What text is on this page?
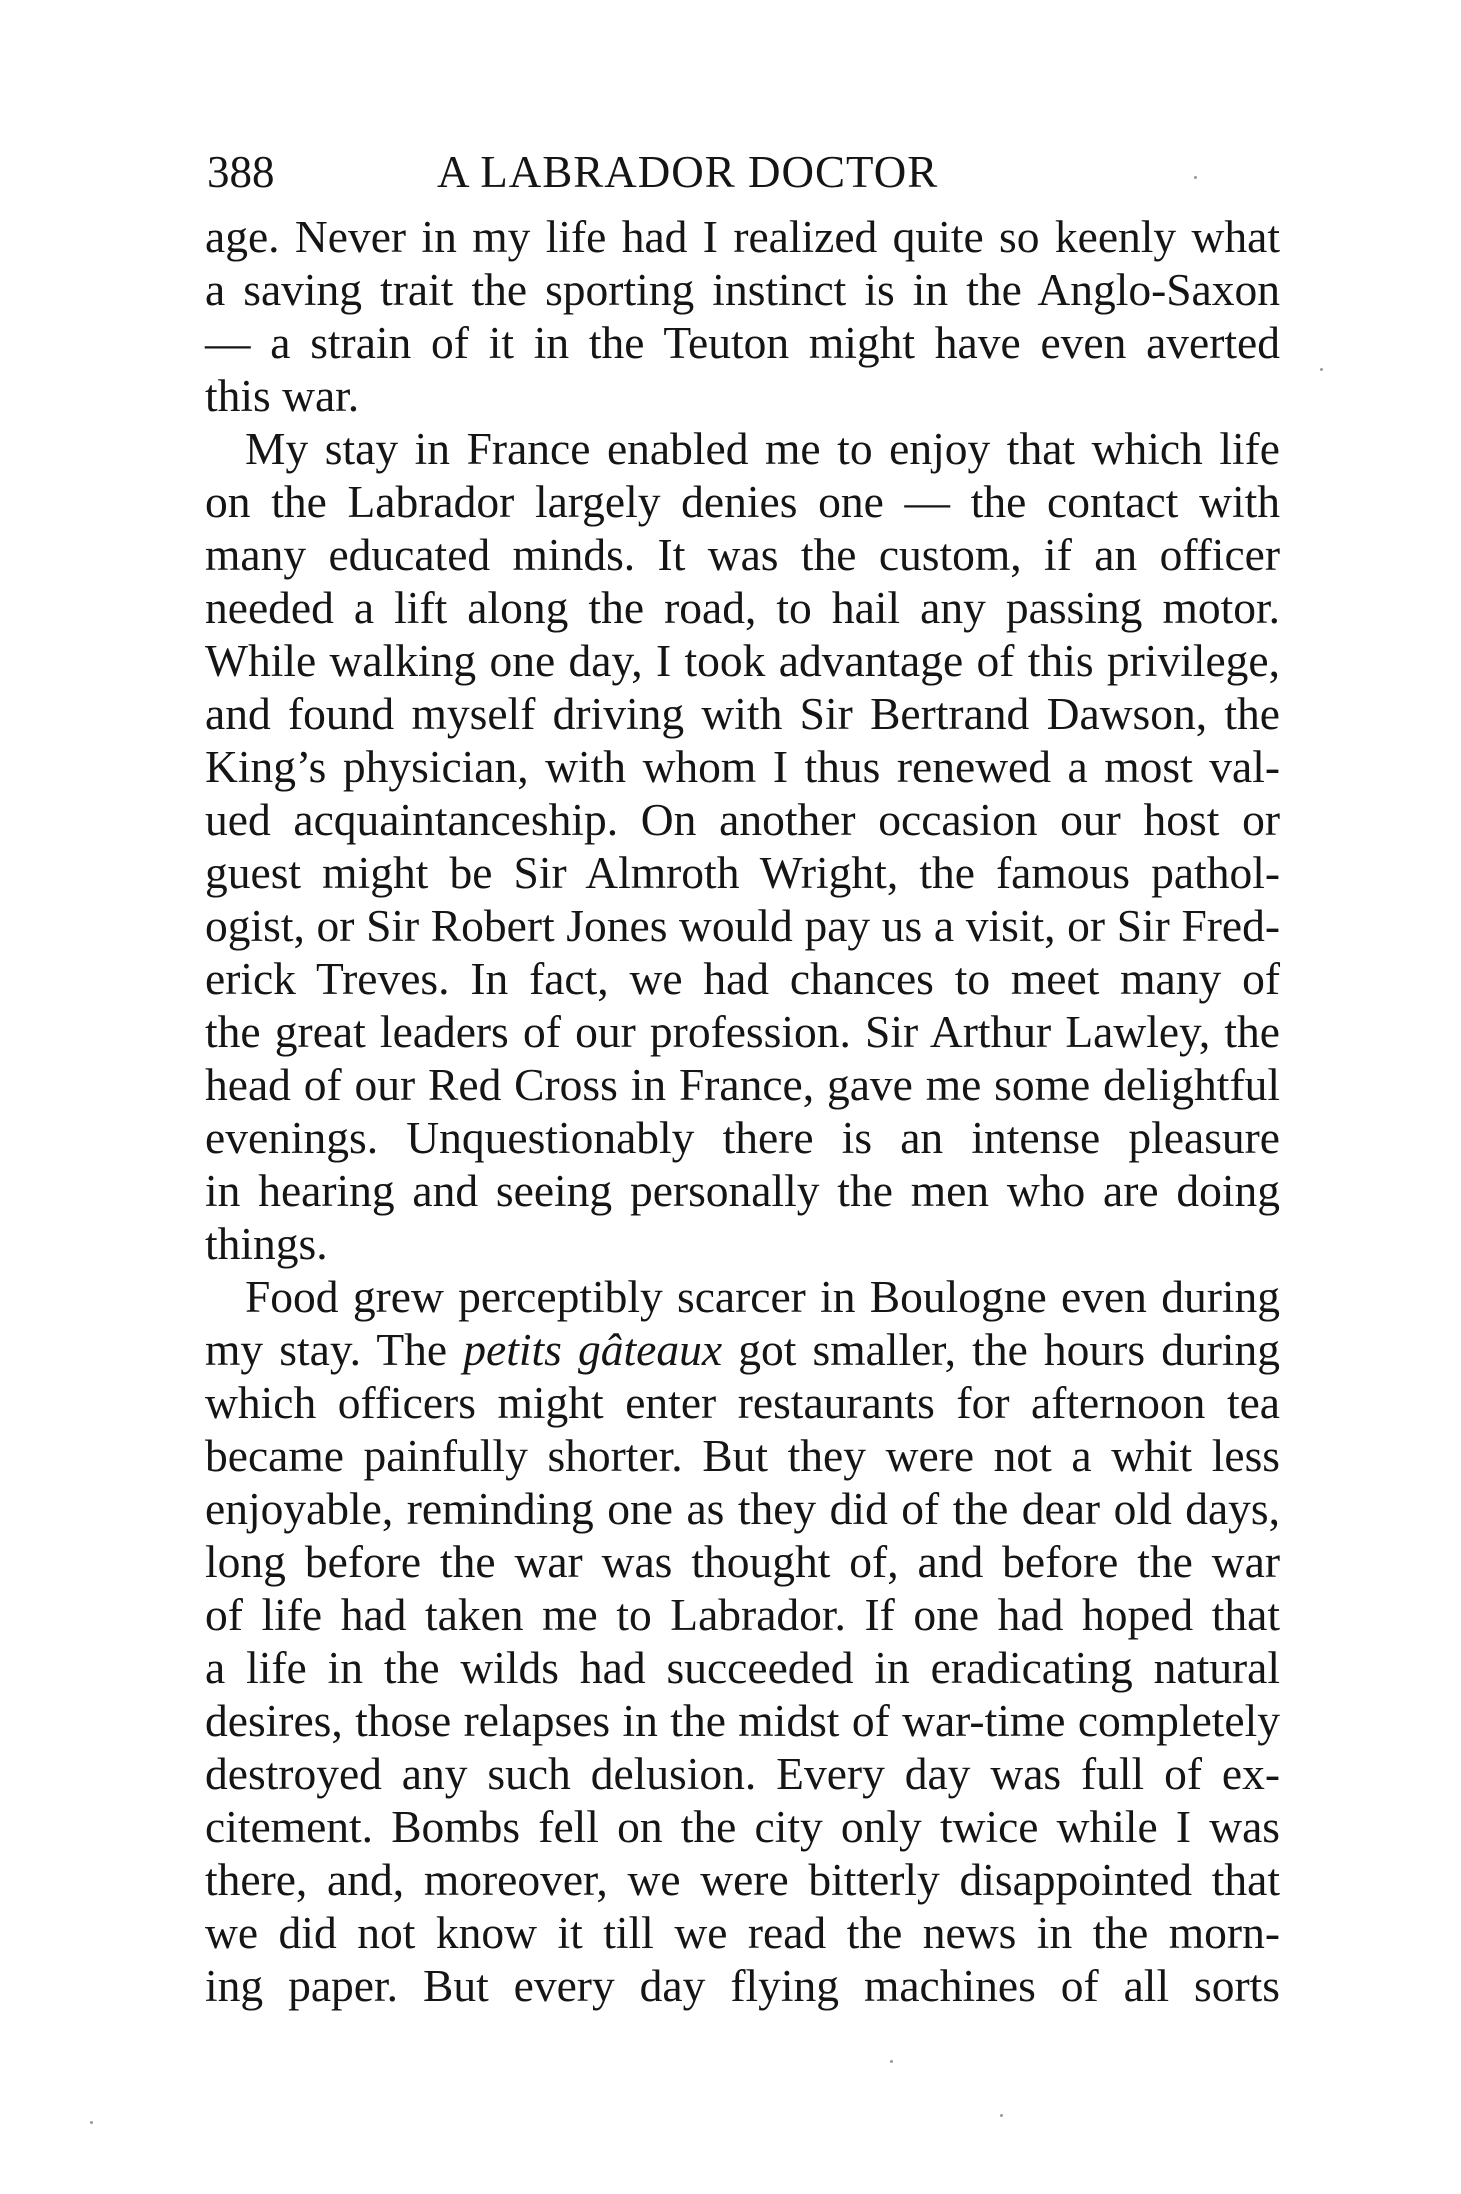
388	A LABRADOR DOCTOR
age. Never in my life had I realized quite so keenly what
a saving trait the sporting instinct is in the Anglo-Saxon
— a strain of it in the Teuton might have even averted
this war.
My stay in France enabled me to enjoy that which life
on the Labrador largely denies one — the contact with
many educated minds. It was the custom, if an officer
needed a lift along the road, to hail any passing motor.
While walking one day, I took advantage of this privilege,
and found myself driving with Sir Bertrand Dawson, the
King’s physician, with whom I thus renewed a most val-
ued acquaintanceship. On another occasion our host or
guest might be Sir Almroth Wright, the famous pathol-
ogist, or Sir Robert Jones would pay us a visit, or Sir Fred-
erick Treves. In fact, we had chances to meet many of
the great leaders of our profession. Sir Arthur Lawley, the
head of our Red Cross in France, gave me some delightful
evenings. Unquestionably there is an intense pleasure
in hearing and seeing personally the men who are doing
things.
Food grew perceptibly scarcer in Boulogne even during
my stay. The petits gâteaux got smaller, the hours during
which officers might enter restaurants for afternoon tea
became painfully shorter. But they were not a whit less
enjoyable, reminding one as they did of the dear old days,
long before the war was thought of, and before the war
of life had taken me to Labrador. If one had hoped that
a life in the wilds had succeeded in eradicating natural
desires, those relapses in the midst of war-time completely
destroyed any such delusion. Every day was full of ex-
citement. Bombs fell on the city only twice while I was
there, and, moreover, we were bitterly disappointed that
we did not know it till we read the news in the morn-
ing paper. But every day flying machines of all sorts
